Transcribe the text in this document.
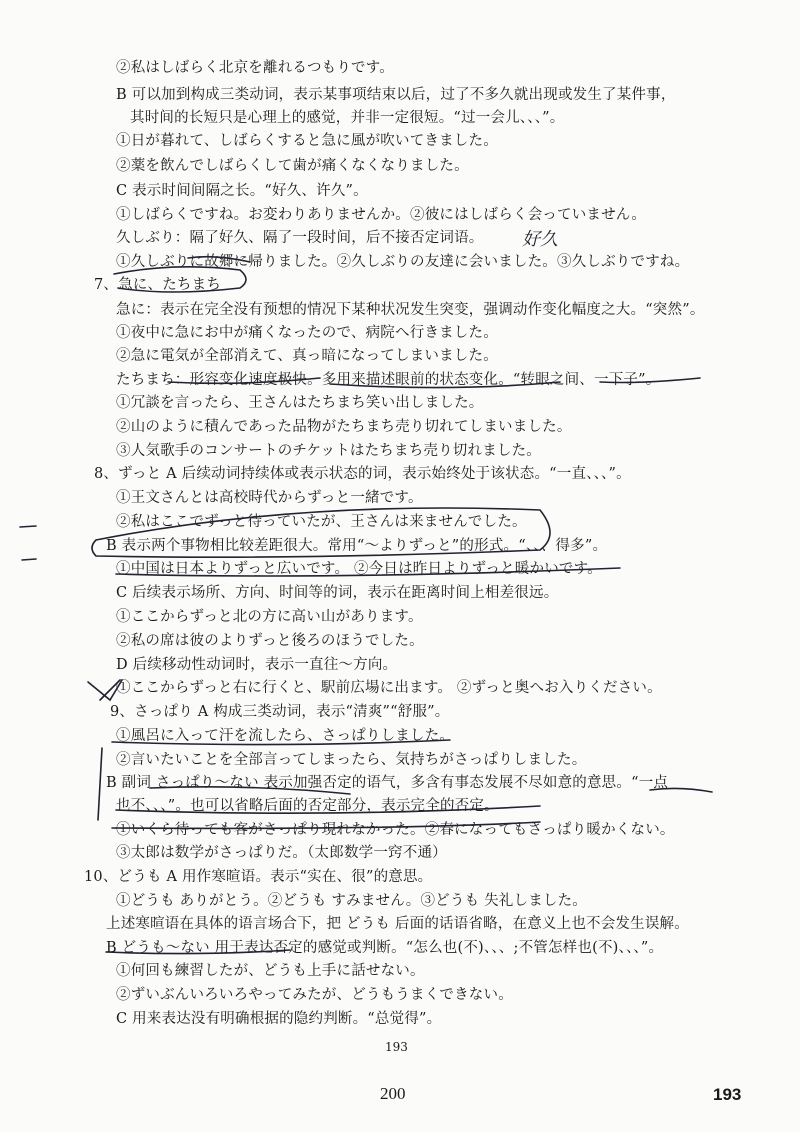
②私はしばらく北京を離れるつもりです。
B 可以加到构成三类动词，表示某事项结束以后，过了不多久就出现或发生了某件事，
其时间的长短只是心理上的感觉，并非一定很短。“过一会儿、、、”。
①日が暮れて、しばらくすると急に風が吹いてきました。
②薬を飲んでしばらくして歯が痛くなくなりました。
C 表示时间间隔之长。“好久、许久”。
①しばらくですね。お変わりありませんか。②彼にはしばらく会っていません。
久しぶり：隔了好久、隔了一段时间，后不接否定词语。
①久しぶりに故郷に帰りました。②久しぶりの友達に会いました。③久しぶりですね。
7、急に、たちまち
急に：表示在完全没有预想的情况下某种状况发生突变，强调动作变化幅度之大。“突然”。
①夜中に急にお中が痛くなったので、病院へ行きました。
②急に電気が全部消えて、真っ暗になってしまいました。
たちまち：形容变化速度极快。多用来描述眼前的状态变化。“转眼之间、一下子”。
①冗談を言ったら、王さんはたちまち笑い出しました。
②山のように積んであった品物がたちまち売り切れてしまいました。
③人気歌手のコンサートのチケットはたちまち売り切れました。
8、ずっと A 后续动词持续体或表示状态的词，表示始终处于该状态。“一直、、、”。
①王文さんとは高校時代からずっと一緒です。
②私はここでずっと待っていたが、王さんは来ませんでした。
B 表示两个事物相比较差距很大。常用“～よりずっと”的形式。“、、、得多”。
①中国は日本よりずっと広いです。 ②今日は昨日よりずっと暖かいです。
C 后续表示场所、方向、时间等的词，表示在距离时间上相差很远。
①ここからずっと北の方に高い山があります。
②私の席は彼のよりずっと後ろのほうでした。
D 后续移动性动词时，表示一直往～方向。
①ここからずっと右に行くと、駅前広場に出ます。 ②ずっと奥へお入りください。
9、さっぱり A 构成三类动词，表示“清爽”“舒服”。
①風呂に入って汗を流したら、さっぱりしました。
②言いたいことを全部言ってしまったら、気持ちがさっぱりしました。
B 副词 さっぱり～ない 表示加强否定的语气，多含有事态发展不尽如意的意思。“一点
也不、、、”。也可以省略后面的否定部分，表示完全的否定。
①いくら待っても客がさっぱり現れなかった。②春になってもさっぱり暖かくない。
③太郎は数学がさっぱりだ。（太郎数学一窍不通）
10、どうも A 用作寒暄语。表示“实在、很”的意思。
①どうも ありがとう。②どうも すみません。③どうも 失礼しました。
上述寒暄语在具体的语言场合下，把 どうも 后面的话语省略，在意义上也不会发生误解。
B どうも～ない 用于表达否定的感觉或判断。“怎么也(不)、、、;不管怎样也(不)、、、”。
①何回も練習したが、どうも上手に話せない。
②ずいぶんいろいろやってみたが、どうもうまくできない。
C 用来表达没有明确根据的隐约判断。“总觉得”。
193
200	193
好久
